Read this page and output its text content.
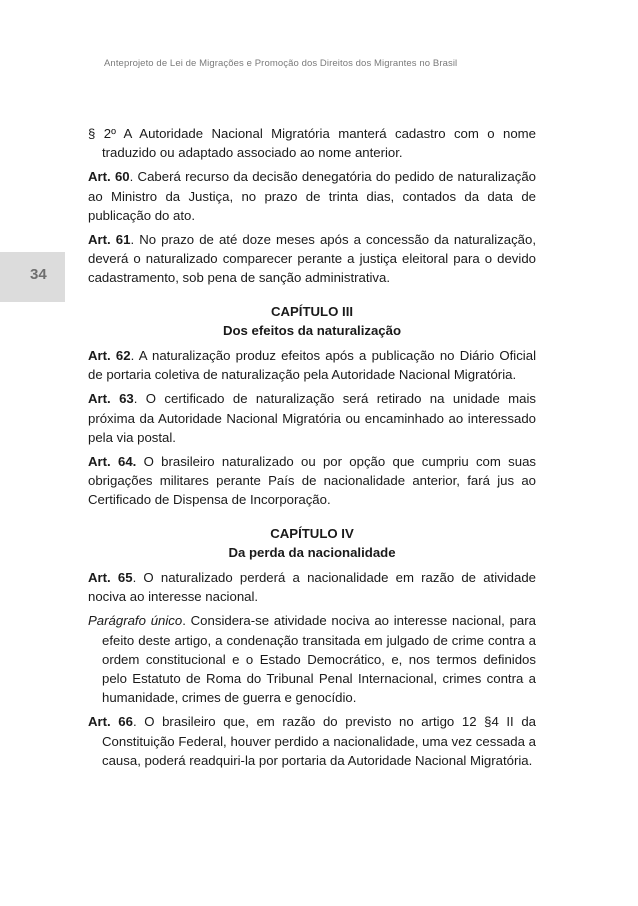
Anteprojeto de Lei de Migrações e Promoção dos Direitos dos Migrantes no Brasil
34

§ 2º A Autoridade Nacional Migratória manterá cadastro com o nome traduzido ou adaptado associado ao nome anterior.

Art. 60. Caberá recurso da decisão denegatória do pedido de naturalização ao Ministro da Justiça, no prazo de trinta dias, contados da data de publicação do ato.

Art. 61. No prazo de até doze meses após a concessão da naturalização, deverá o naturalizado comparecer perante a justiça eleitoral para o devido cadastramento, sob pena de sanção administrativa.

CAPÍTULO III

Dos efeitos da naturalização

Art. 62. A naturalização produz efeitos após a publicação no Diário Oficial de portaria coletiva de naturalização pela Autoridade Nacional Migratória.

Art. 63. O certificado de naturalização será retirado na unidade mais próxima da Autoridade Nacional Migratória ou encaminhado ao interessado pela via postal.

Art. 64. O brasileiro naturalizado ou por opção que cumpriu com suas obrigações militares perante País de nacionalidade anterior, fará jus ao Certificado de Dispensa de Incorporação.

CAPÍTULO IV

Da perda da nacionalidade

Art. 65. O naturalizado perderá a nacionalidade em razão de atividade nociva ao interesse nacional.

Parágrafo único. Considera-se atividade nociva ao interesse nacional, para efeito deste artigo, a condenação transitada em julgado de crime contra a ordem constitucional e o Estado Democrático, e, nos termos definidos pelo Estatuto de Roma do Tribunal Penal Internacional, crimes contra a humanidade, crimes de guerra e genocídio.

Art. 66. O brasileiro que, em razão do previsto no artigo 12 §4 II da Constituição Federal, houver perdido a nacionalidade, uma vez cessada a causa, poderá readquiri-la por portaria da Autoridade Nacional Migratória.
